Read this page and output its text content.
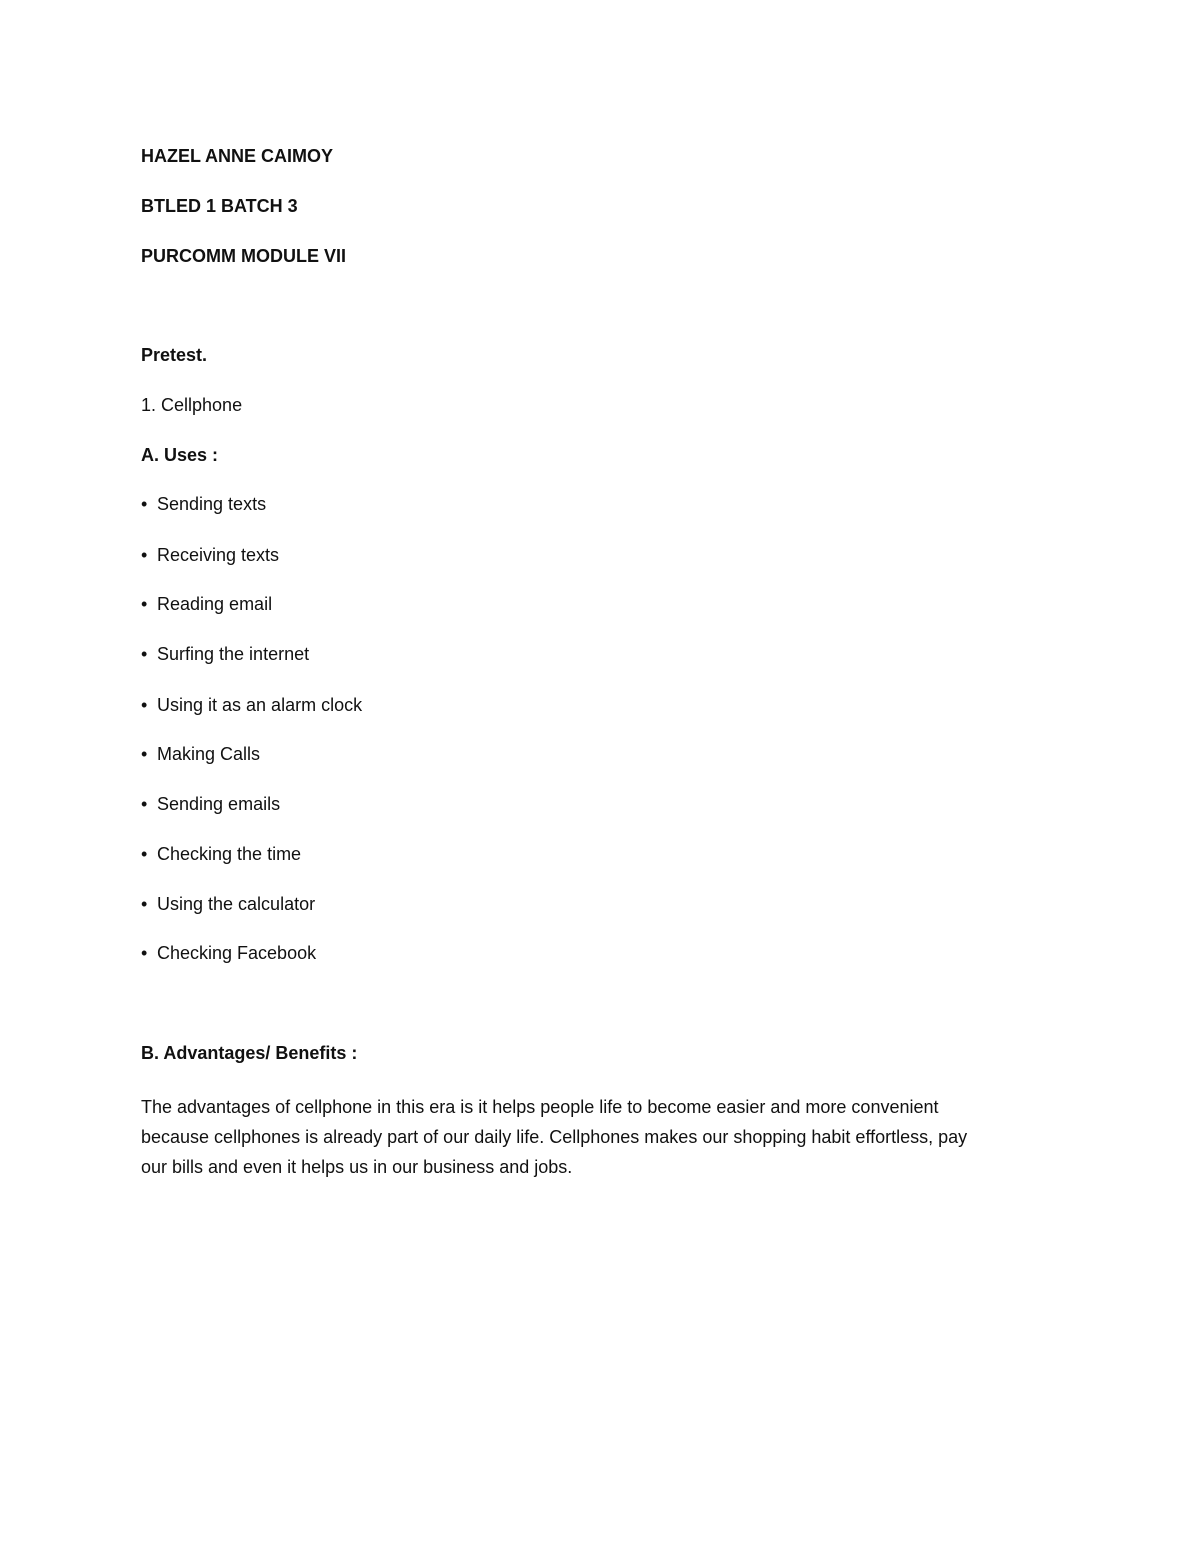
HAZEL ANNE CAIMOY
BTLED 1 BATCH 3
PURCOMM MODULE VII
Pretest.
1. Cellphone
A. Uses :
• Sending texts
• Receiving texts
• Reading email
• Surfing the internet
• Using it as an alarm clock
• Making Calls
• Sending emails
• Checking the time
• Using the calculator
• Checking Facebook
B. Advantages/ Benefits :
The advantages of cellphone in this era is it helps people life to become easier and more convenient
because cellphones is already part of our daily life. Cellphones makes our shopping habit effortless, pay
our bills and even it helps us in our business and jobs.
